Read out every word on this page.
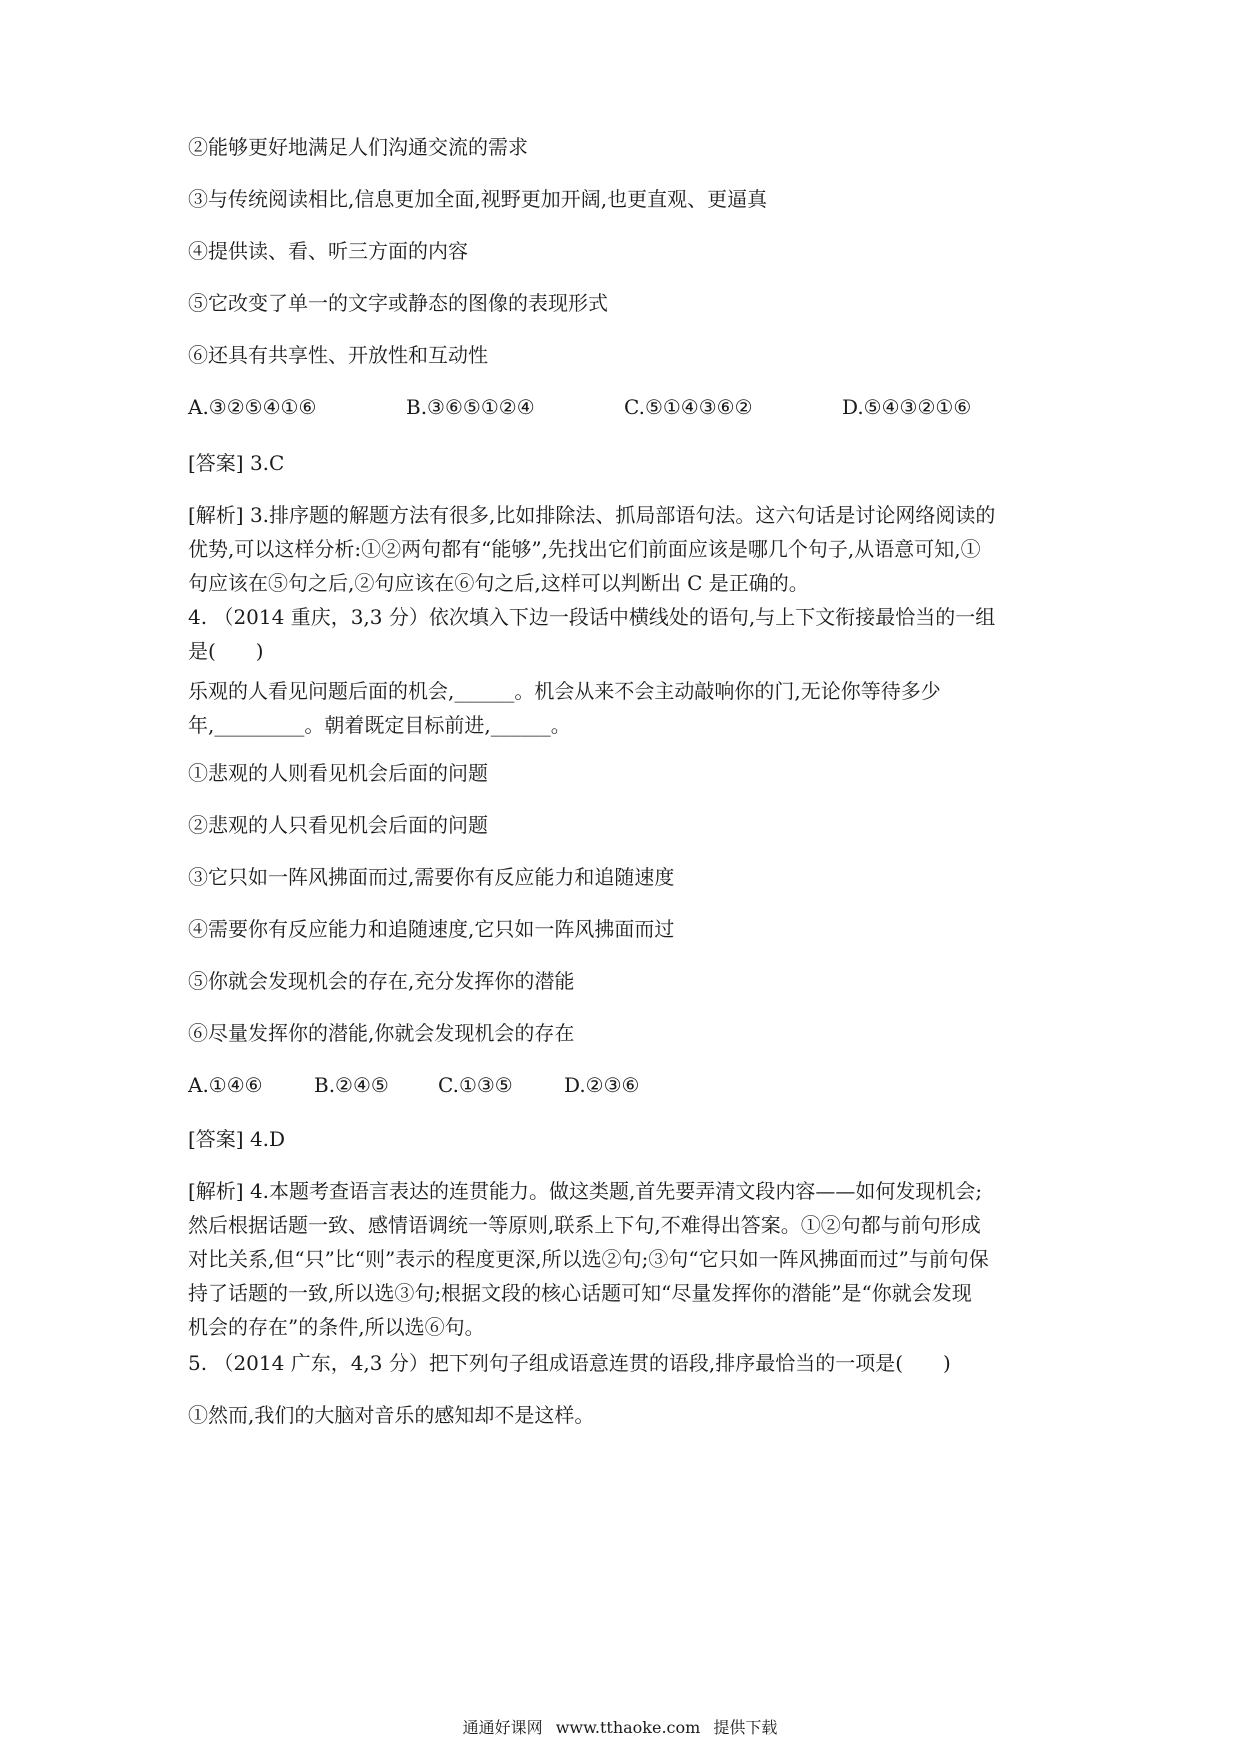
②能够更好地满足人们沟通交流的需求
③与传统阅读相比,信息更加全面,视野更加开阔,也更直观、更逼真
④提供读、看、听三方面的内容
⑤它改变了单一的文字或静态的图像的表现形式
⑥还具有共享性、开放性和互动性
A.③②⑤④①⑥	B.③⑥⑤①②④	C.⑤①④③⑥②	D.⑤④③②①⑥
[答案] 3.C
[解析] 3.排序题的解题方法有很多,比如排除法、抓局部语句法。这六句话是讨论网络阅读的
优势,可以这样分析:①②两句都有“能够”,先找出它们前面应该是哪几个句子,从语意可知,①
句应该在⑤句之后,②句应该在⑥句之后,这样可以判断出 C 是正确的。
4. （2014 重庆，3,3 分）依次填入下边一段话中横线处的语句,与上下文衔接最恰当的一组
是(　　)
乐观的人看见问题后面的机会,______。机会从来不会主动敲响你的门,无论你等待多少
年,_________。朝着既定目标前进,______。
①悲观的人则看见机会后面的问题
②悲观的人只看见机会后面的问题
③它只如一阵风拂面而过,需要你有反应能力和追随速度
④需要你有反应能力和追随速度,它只如一阵风拂面而过
⑤你就会发现机会的存在,充分发挥你的潜能
⑥尽量发挥你的潜能,你就会发现机会的存在
A.①④⑥	B.②④⑤ C.①③⑤	D.②③⑥
[答案] 4.D
[解析] 4.本题考查语言表达的连贯能力。做这类题,首先要弄清文段内容——如何发现机会;
然后根据话题一致、感情语调统一等原则,联系上下句,不难得出答案。①②句都与前句形成
对比关系,但“只”比“则”表示的程度更深,所以选②句;③句“它只如一阵风拂面而过”与前句保
持了话题的一致,所以选③句;根据文段的核心话题可知“尽量发挥你的潜能”是“你就会发现
机会的存在”的条件,所以选⑥句。
5. （2014 广东，4,3 分）把下列句子组成语意连贯的语段,排序最恰当的一项是(　　)
①然而,我们的大脑对音乐的感知却不是这样。
通通好课网 www.tthaoke.com 提供下载
